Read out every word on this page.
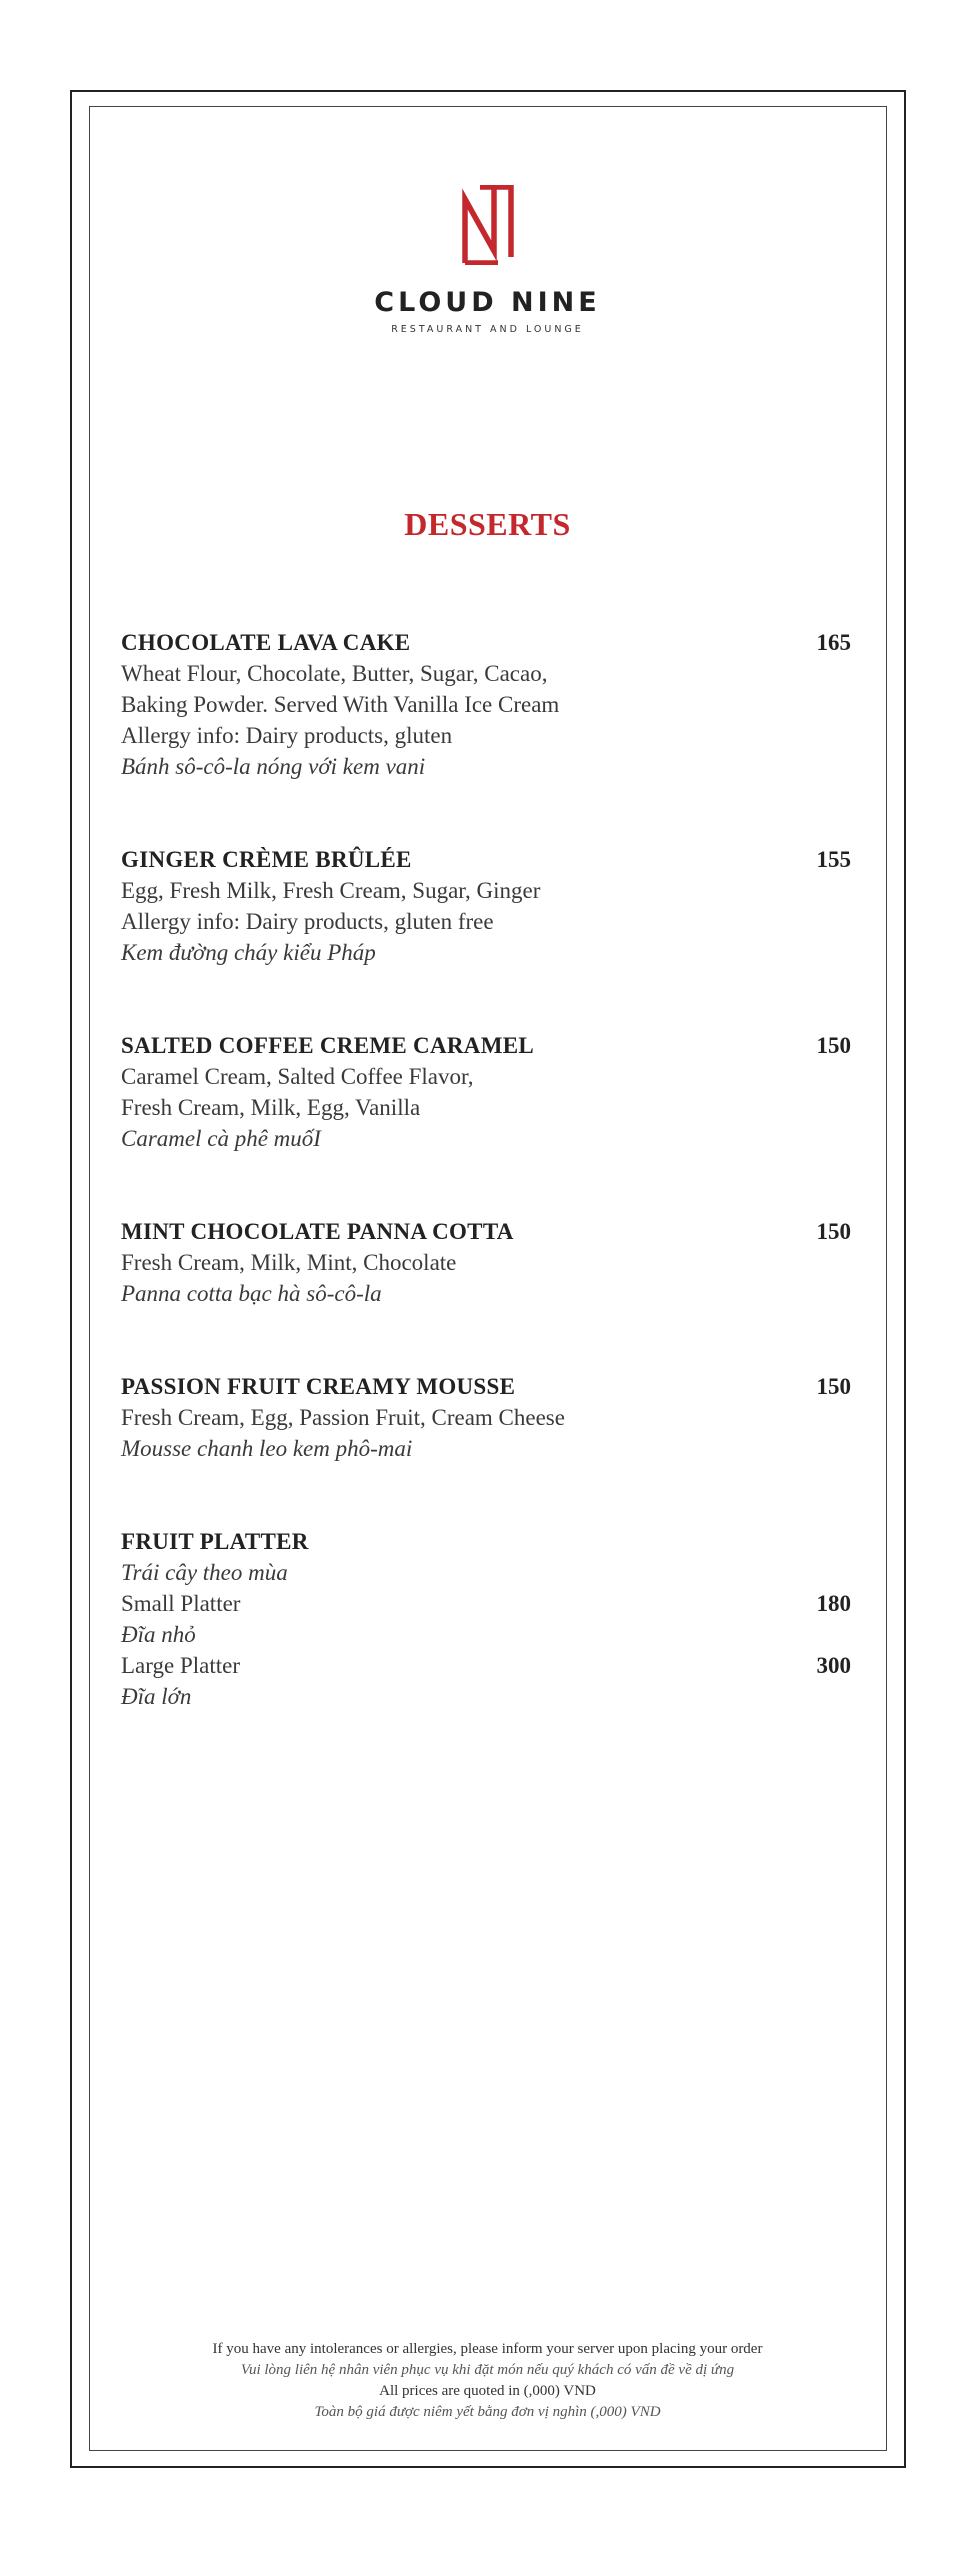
CLOUD NINE
RESTAURANT AND LOUNGE
DESSERTS
CHOCOLATE LAVA CAKE	165
Wheat Flour, Chocolate, Butter, Sugar, Cacao,
Baking Powder. Served With Vanilla Ice Cream
Allergy info: Dairy products, gluten
Bánh sô-cô-la nóng với kem vani
GINGER CRÈME BRÛLÉE	155
Egg, Fresh Milk, Fresh Cream, Sugar, Ginger
Allergy info: Dairy products, gluten free
Kem đường cháy kiểu Pháp
SALTED COFFEE CREME CARAMEL	150
Caramel Cream, Salted Coffee Flavor,
Fresh Cream, Milk, Egg, Vanilla
Caramel cà phê muốI
MINT CHOCOLATE PANNA COTTA	150
Fresh Cream, Milk, Mint, Chocolate
Panna cotta bạc hà sô-cô-la
PASSION FRUIT CREAMY MOUSSE	150
Fresh Cream, Egg, Passion Fruit, Cream Cheese
Mousse chanh leo kem phô-mai
FRUIT PLATTER
Trái cây theo mùa
Small Platter	180
Đĩa nhỏ
Large Platter	300
Đĩa lớn
If you have any intolerances or allergies, please inform your server upon placing your order
Vui lòng liên hệ nhân viên phục vụ khi đặt món nếu quý khách có vấn đề về dị ứng
All prices are quoted in (,000) VND
Toàn bộ giá được niêm yết bằng đơn vị nghìn (,000) VND
